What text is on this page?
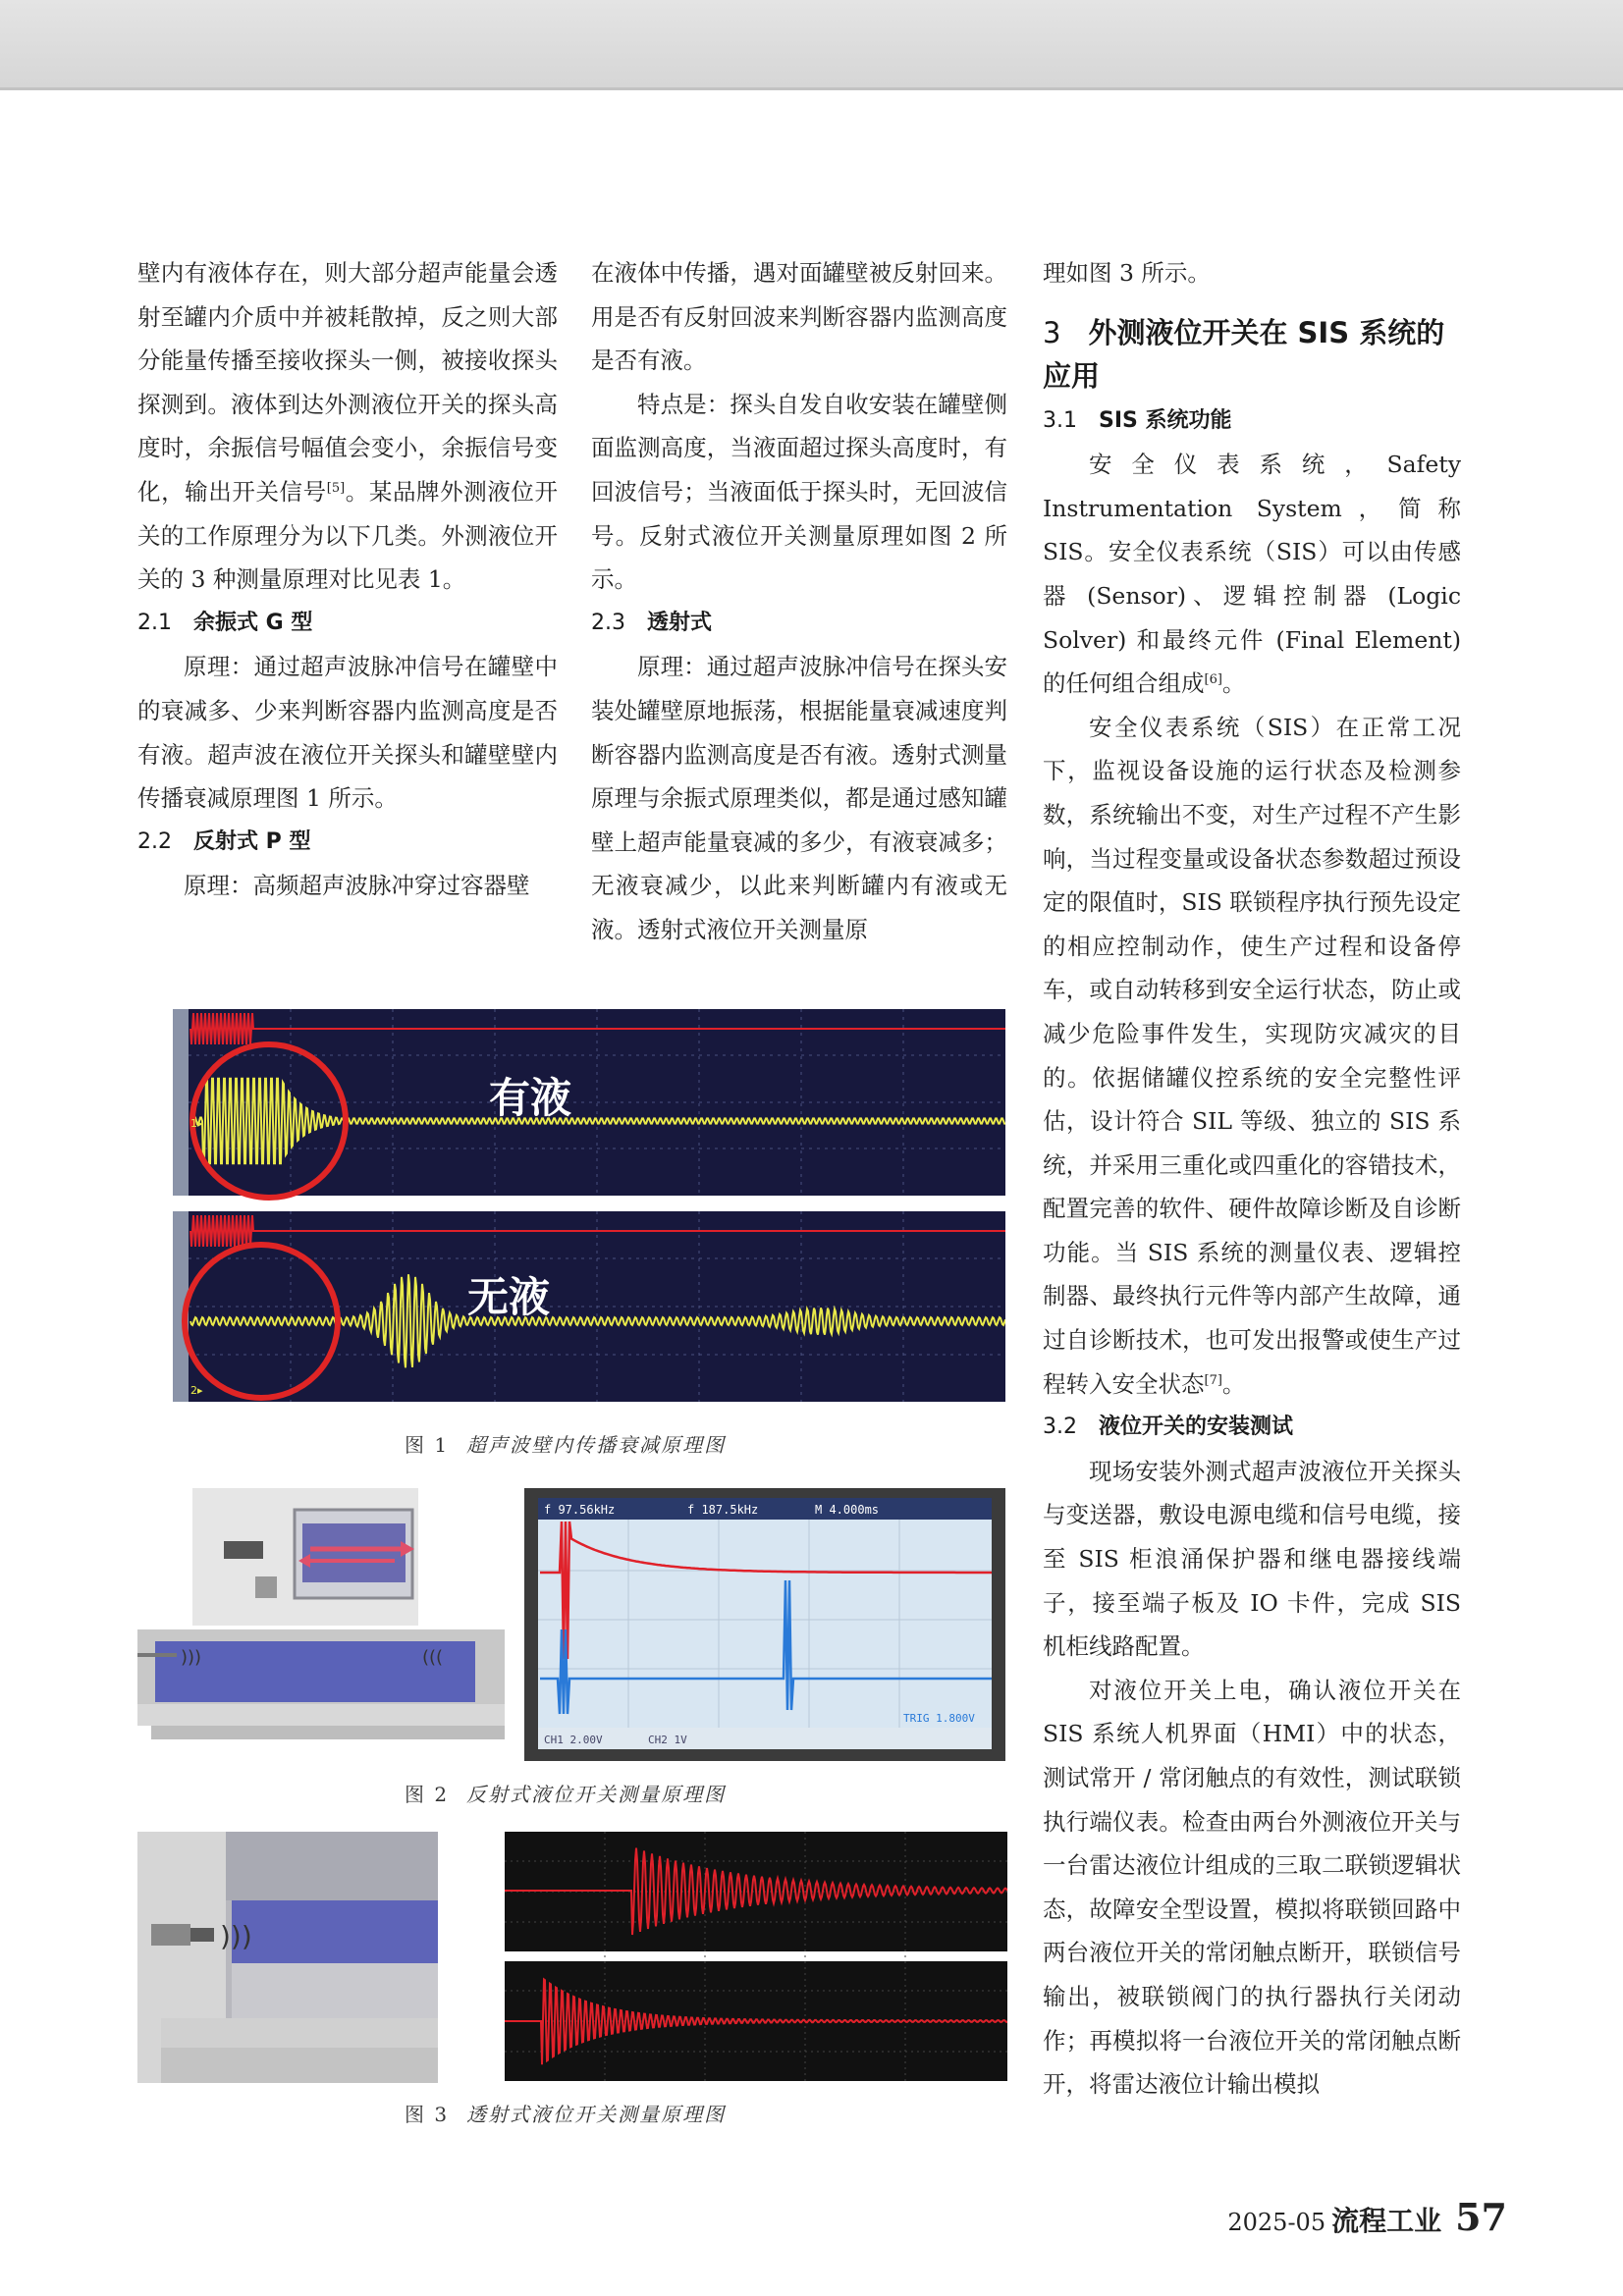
壁内有液体存在，则大部分超声能量会透射至罐内介质中并被耗散掉，反之则大部分能量传播至接收探头一侧，被接收探头探测到。液体到达外测液位开关的探头高度时，余振信号幅值会变小，余振信号变化，输出开关信号[5]。某品牌外测液位开关的工作原理分为以下几类。外测液位开关的 3 种测量原理对比见表 1。

2.1 余振式 G 型

原理：通过超声波脉冲信号在罐壁中的衰减多、少来判断容器内监测高度是否有液。超声波在液位开关探头和罐壁壁内传播衰减原理图 1 所示。

2.2 反射式 P 型

原理：高频超声波脉冲穿过容器壁

在液体中传播，遇对面罐壁被反射回来。用是否有反射回波来判断容器内监测高度是否有液。

特点是：探头自发自收安装在罐壁侧面监测高度，当液面超过探头高度时，有回波信号；当液面低于探头时，无回波信号。反射式液位开关测量原理如图 2 所示。

2.3 透射式

原理：通过超声波脉冲信号在探头安装处罐壁原地振荡，根据能量衰减速度判断容器内监测高度是否有液。透射式测量原理与余振式原理类似，都是通过感知罐壁上超声能量衰减的多少，有液衰减多；无液衰减少，以此来判断罐内有液或无液。透射式液位开关测量原

理如图 3 所示。

3 外测液位开关在 SIS 系统的应用
3.1 SIS 系统功能

安全仪表系统，Safety Instrumentation System，简称 SIS。安全仪表系统（SIS）可以由传感器 (Sensor)、逻辑控制器 (Logic Solver) 和最终元件 (Final Element) 的任何组合组成[6]。

安全仪表系统（SIS）在正常工况下，监视设备设施的运行状态及检测参数，系统输出不变，对生产过程不产生影响，当过程变量或设备状态参数超过预设定的限值时，SIS 联锁程序执行预先设定的相应控制动作，使生产过程和设备停车，或自动转移到安全运行状态，防止或减少危险事件发生，实现防灾减灾的目的。依据储罐仪控系统的安全完整性评估，设计符合 SIL 等级、独立的 SIS 系统，并采用三重化或四重化的容错技术，配置完善的软件、硬件故障诊断及自诊断功能。当 SIS 系统的测量仪表、逻辑控制器、最终执行元件等内部产生故障，通过自诊断技术，也可发出报警或使生产过程转入安全状态[7]。

3.2 液位开关的安装测试

现场安装外测式超声波液位开关探头与变送器，敷设电源电缆和信号电缆，接至 SIS 柜浪涌保护器和继电器接线端子，接至端子板及 IO 卡件，完成 SIS 机柜线路配置。

对液位开关上电，确认液位开关在 SIS 系统人机界面（HMI）中的状态，测试常开 / 常闭触点的有效性，测试联锁执行端仪表。检查由两台外测液位开关与一台雷达液位计组成的三取二联锁逻辑状态，故障安全型设置，模拟将联锁回路中两台液位开关的常闭触点断开，联锁信号输出，被联锁阀门的执行器执行关闭动作；再模拟将一台液位开关的常闭触点断开，将雷达液位计输出模拟

有液
1▸
无液
2▸
图 1 超声波壁内传播衰减原理图
)))	(((
f 97.56kHz	f 187.5kHz	M 4.000ms
CH1 2.00V	CH2 1V
TRIG 1.800V
图 2 反射式液位开关测量原理图
)))
图 3 透射式液位开关测量原理图
2025-05 流程工业 57
